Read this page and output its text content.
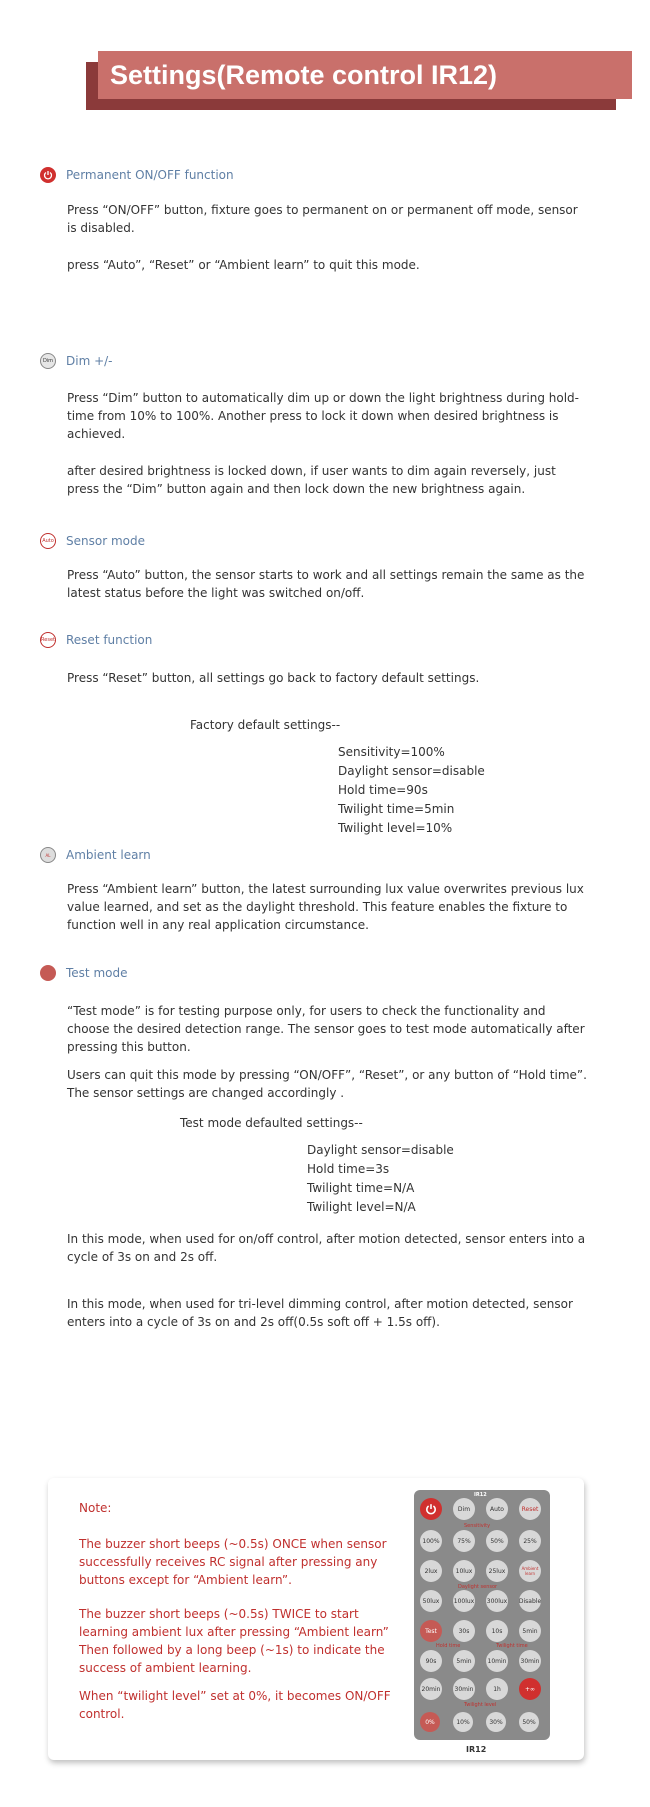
Settings(Remote control IR12)
Permanent ON/OFF function
Press “ON/OFF” button, fixture goes to permanent on or permanent off mode, sensor is disabled.
press “Auto”, “Reset” or “Ambient learn” to quit this mode.
Dim Dim +/-
Press “Dim” button to automatically dim up or down the light brightness during hold-time from 10% to 100%. Another press to lock it down when desired brightness is achieved.
after desired brightness is locked down, if user wants to dim again reversely, just press the “Dim” button again and then lock down the new brightness again.
Auto Sensor mode
Press “Auto” button, the sensor starts to work and all settings remain the same as the latest status before the light was switched on/off.
Reset Reset function
Press “Reset” button, all settings go back to factory default settings.
Factory default settings--
Sensitivity=100%
Daylight sensor=disable
Hold time=90s
Twilight time=5min
Twilight level=10%
AL	Ambient learn
Press “Ambient learn” button, the latest surrounding lux value overwrites previous lux value learned, and set as the daylight threshold. This feature enables the fixture to function well in any real application circumstance.
Test mode
“Test mode” is for testing purpose only, for users to check the functionality and choose the desired detection range. The sensor goes to test mode automatically after pressing this button.
Users can quit this mode by pressing “ON/OFF”, “Reset”, or any button of “Hold time”. The sensor settings are changed accordingly .
Test mode defaulted settings--
Daylight sensor=disable
Hold time=3s
Twilight time=N/A
Twilight level=N/A
In this mode, when used for on/off control, after motion detected, sensor enters into a cycle of 3s on and 2s off.
In this mode, when used for tri-level dimming control, after motion detected, sensor enters into a cycle of 3s on and 2s off(0.5s soft off + 1.5s off).
Note:
The buzzer short beeps (~0.5s) ONCE when sensor successfully receives RC signal after pressing any buttons except for “Ambient learn”.
The buzzer short beeps (~0.5s) TWICE to start learning ambient lux after pressing “Ambient learn” Then followed by a long beep (~1s) to indicate the success of ambient learning.
When “twilight level” set at 0%, it becomes ON/OFF control.
IR12
Dim	Auto	Reset
Sensitivity
100%	75%	50%	25%
2lux	10lux	25lux	Ambient learn
Daylight sensor
50lux	100lux 300lux Disable
Test	30s	10s	5min
Hold time	Twilight time
90s	5min	10min 30min
20min 30min	1h	+∞
Twilight level
0%	10%	30%	50%
IR12
